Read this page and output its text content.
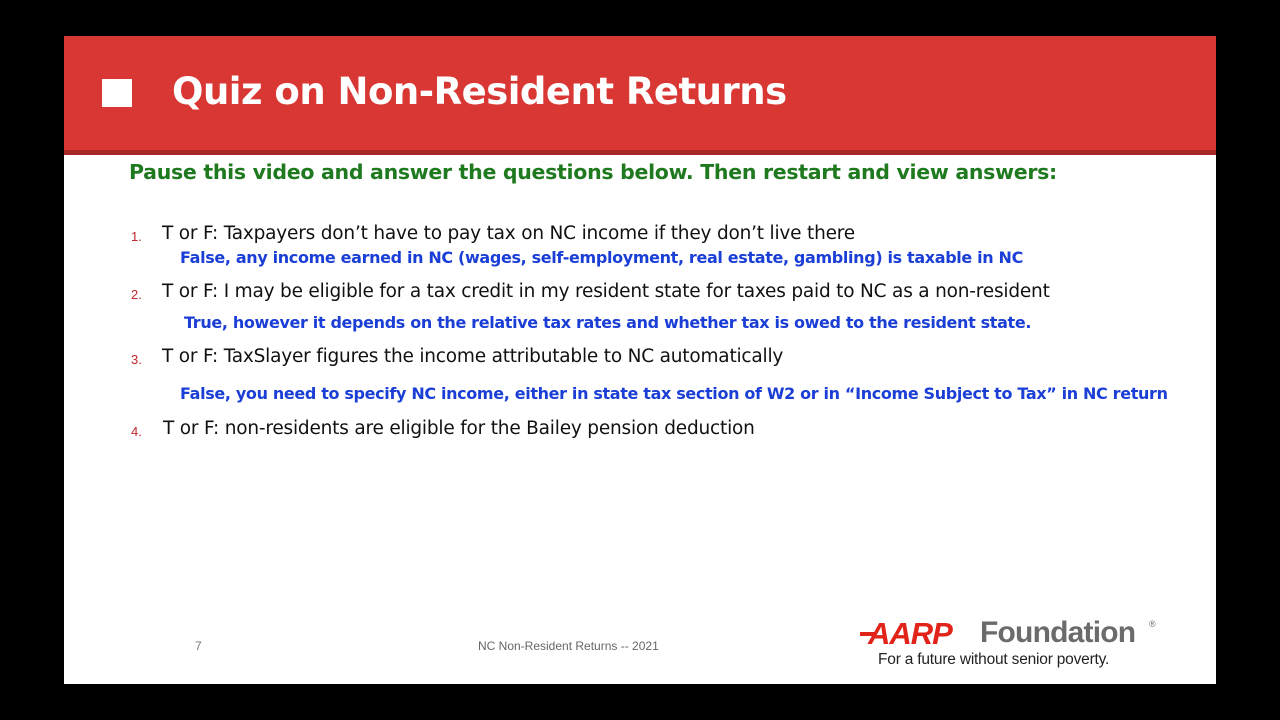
Quiz on Non-Resident Returns
Pause this video and answer the questions below. Then restart and view answers:
1. T or F: Taxpayers don’t have to pay tax on NC income if they don’t live there
False, any income earned in NC (wages, self-employment, real estate, gambling) is taxable in NC
2. T or F: I may be eligible for a tax credit in my resident state for taxes paid to NC as a non-resident
True, however it depends on the relative tax rates and whether tax is owed to the resident state.
3. T or F: TaxSlayer figures the income attributable to NC automatically
False, you need to specify NC income, either in state tax section of W2 or in “Income Subject to Tax” in NC return
4. T or F: non-residents are eligible for the Bailey pension deduction
7	NC Non-Resident Returns -- 2021	AARP Foundation ®
For a future without senior poverty.
